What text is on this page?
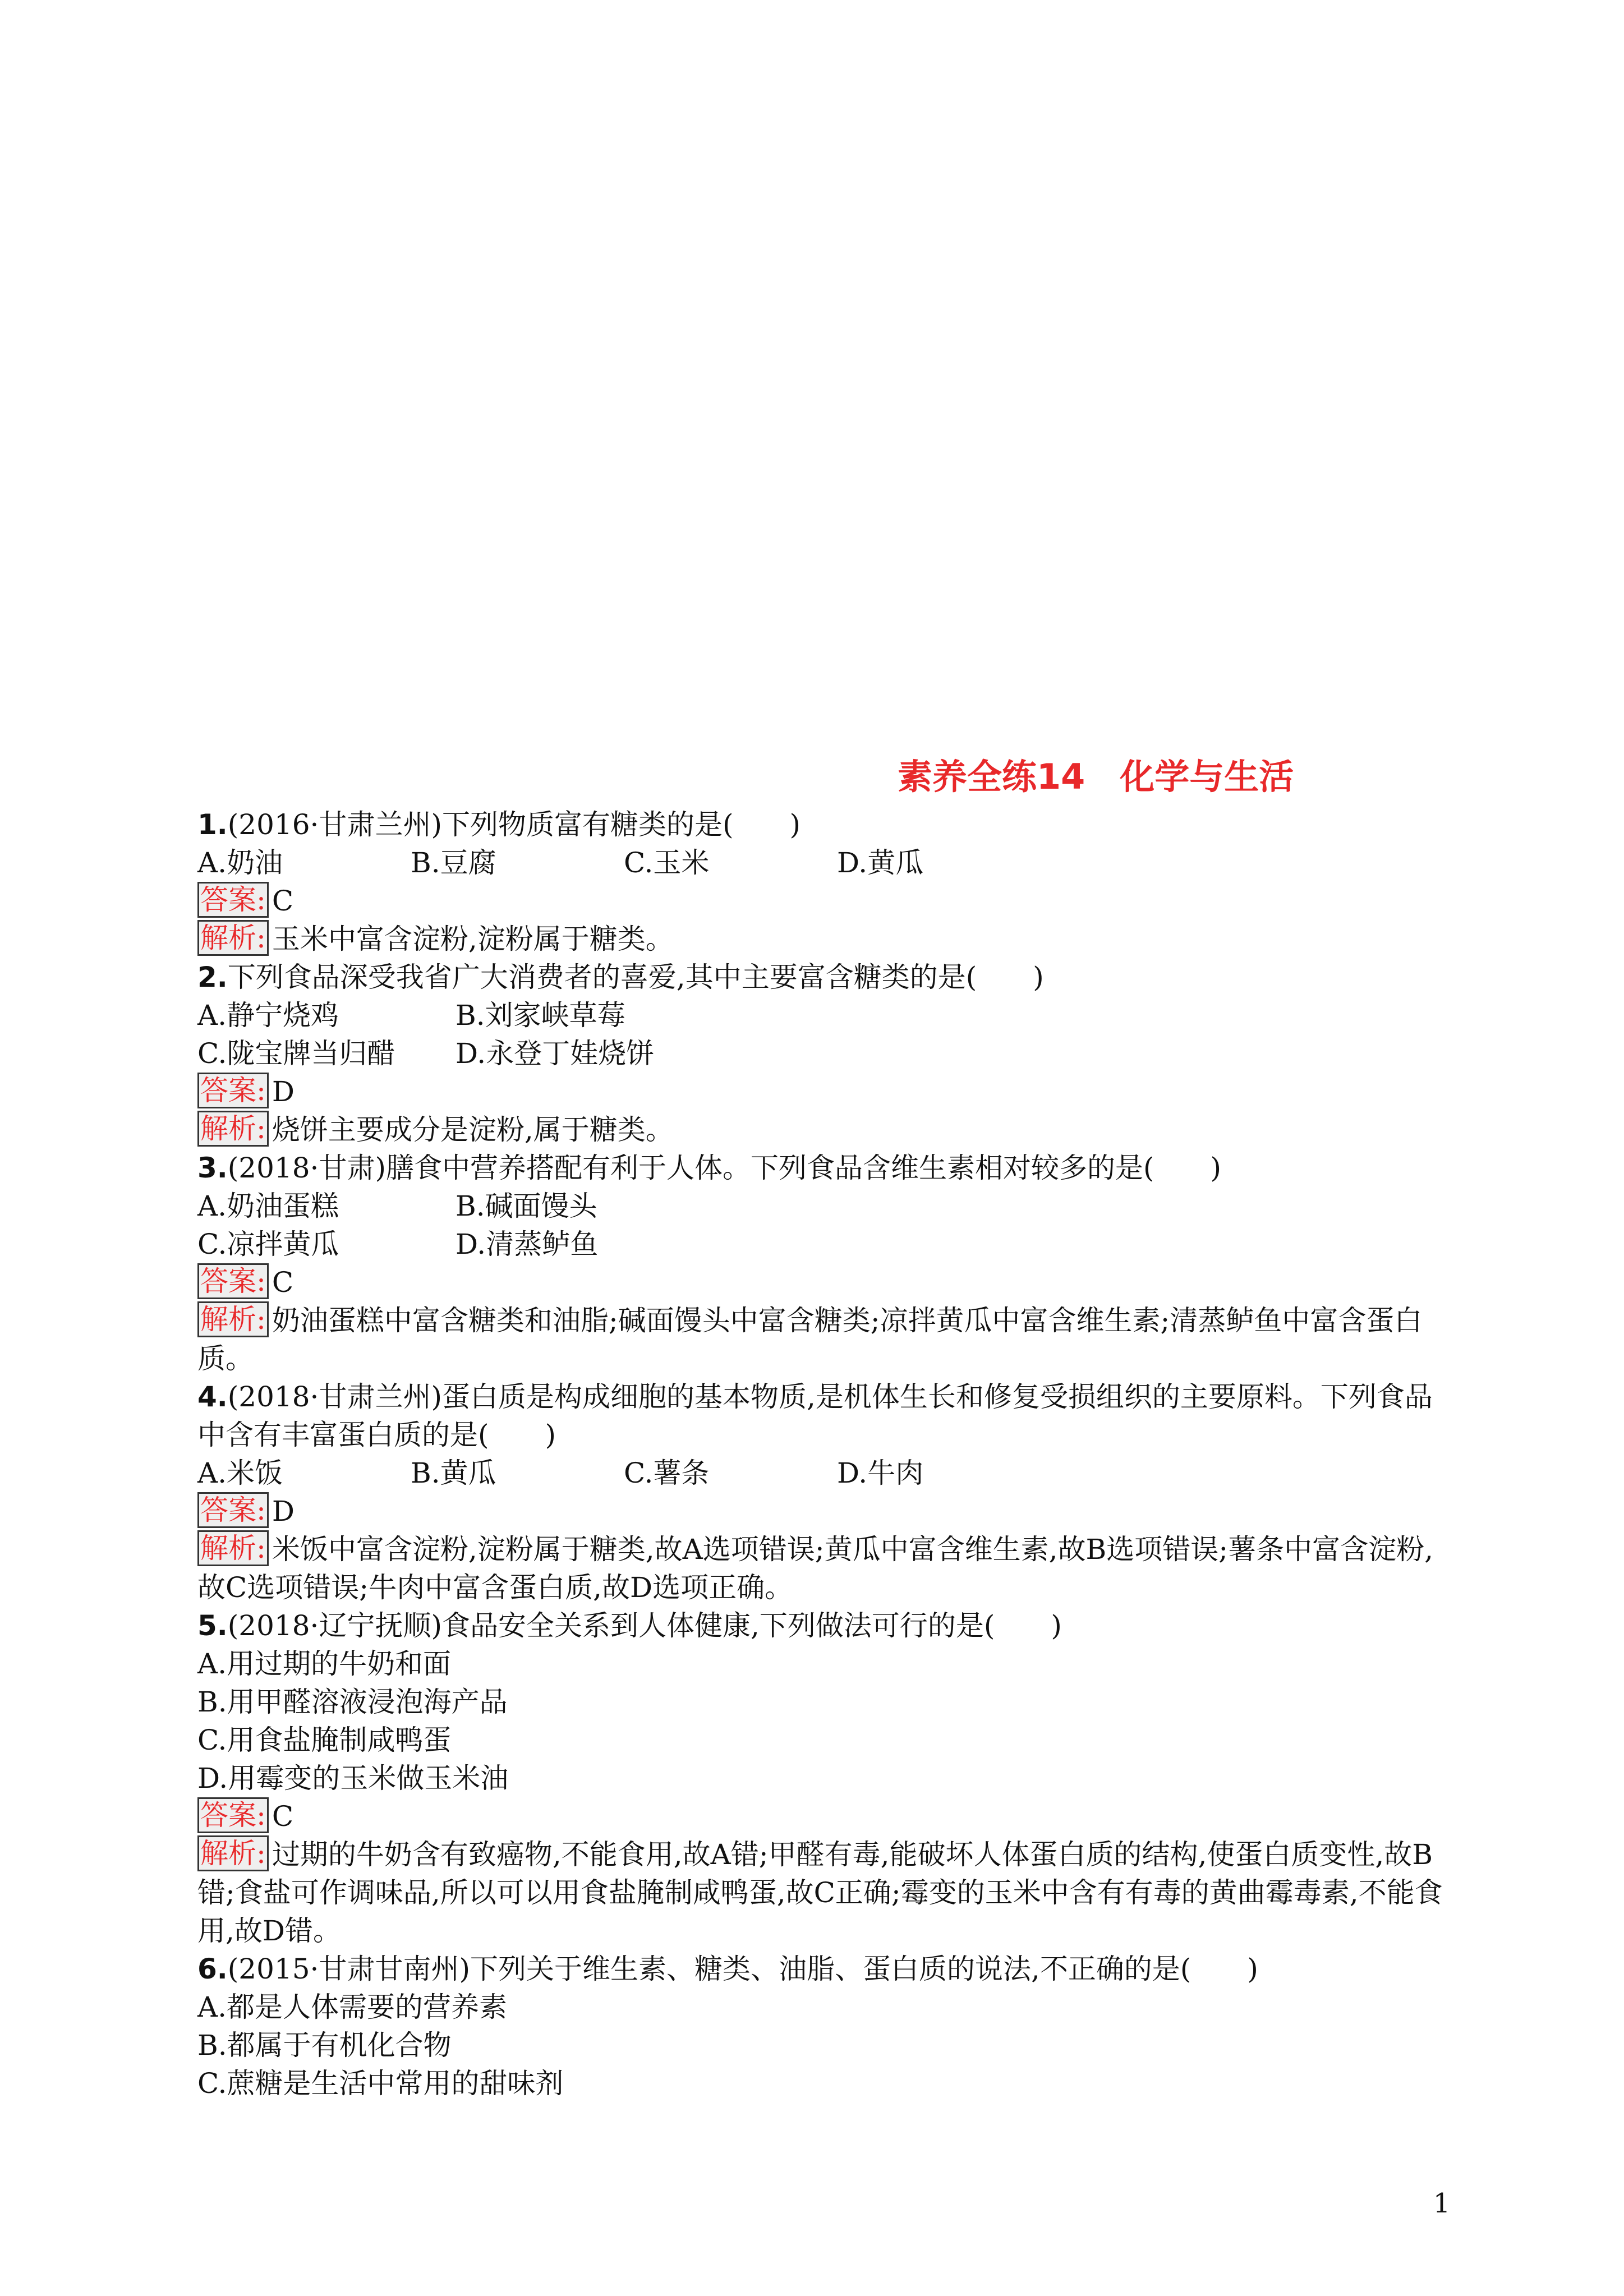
素养全练14　化学与生活
1.(2016·甘肃兰州)下列物质富有糖类的是(　　)
A.奶油	B.豆腐	C.玉米	D.黄瓜
答案: C
解析: 玉米中富含淀粉,淀粉属于糖类。
2.下列食品深受我省广大消费者的喜爱,其中主要富含糖类的是(　　)
A.静宁烧鸡	B.刘家峡草莓
C.陇宝牌当归醋	D.永登丁娃烧饼
答案: D
解析: 烧饼主要成分是淀粉,属于糖类。
3.(2018·甘肃)膳食中营养搭配有利于人体。下列食品含维生素相对较多的是(　　)
A.奶油蛋糕	B.碱面馒头
C.凉拌黄瓜	D.清蒸鲈鱼
答案: C
解析: 奶油蛋糕中富含糖类和油脂;碱面馒头中富含糖类;凉拌黄瓜中富含维生素;清蒸鲈鱼中富含蛋白质。
4.(2018·甘肃兰州)蛋白质是构成细胞的基本物质,是机体生长和修复受损组织的主要原料。下列食品中含有丰富蛋白质的是(　　)
A.米饭	B.黄瓜	C.薯条	D.牛肉
答案: D
解析: 米饭中富含淀粉,淀粉属于糖类,故A选项错误;黄瓜中富含维生素,故B选项错误;薯条中富含淀粉,故C选项错误;牛肉中富含蛋白质,故D选项正确。
5.(2018·辽宁抚顺)食品安全关系到人体健康,下列做法可行的是(　　)
A.用过期的牛奶和面
B.用甲醛溶液浸泡海产品
C.用食盐腌制咸鸭蛋
D.用霉变的玉米做玉米油
答案: C
解析: 过期的牛奶含有致癌物,不能食用,故A错;甲醛有毒,能破坏人体蛋白质的结构,使蛋白质变性,故B错;食盐可作调味品,所以可以用食盐腌制咸鸭蛋,故C正确;霉变的玉米中含有有毒的黄曲霉毒素,不能食用,故D错。
6.(2015·甘肃甘南州)下列关于维生素、糖类、油脂、蛋白质的说法,不正确的是(　　)
A.都是人体需要的营养素
B.都属于有机化合物
C.蔗糖是生活中常用的甜味剂
1
